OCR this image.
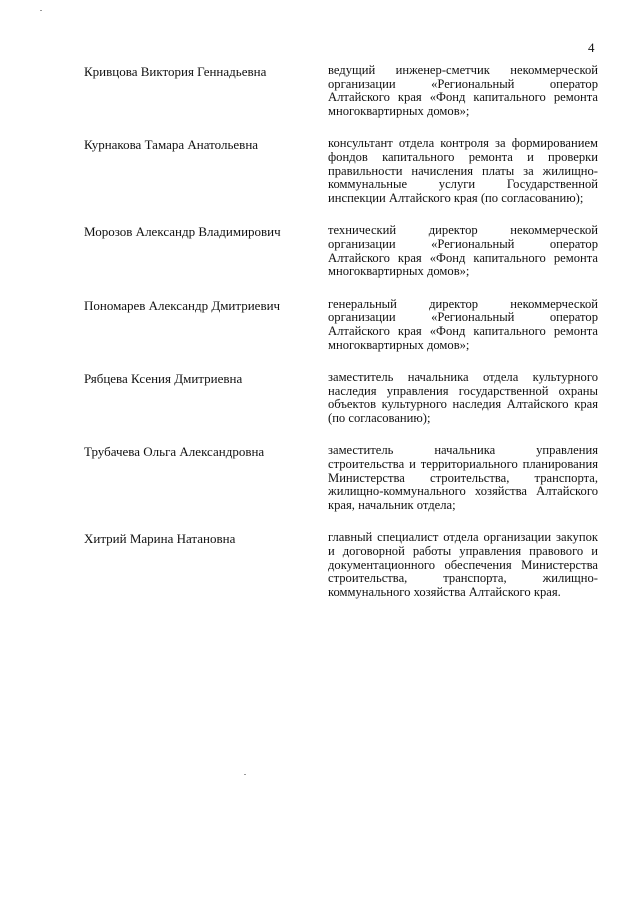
4
Кривцова Виктория Геннадьевна	ведущий инженер-сметчик некоммерческой организации «Региональный оператор Алтайского края «Фонд капитального ремонта многоквартирных домов»;
Курнакова Тамара Анатольевна	консультант отдела контроля за формированием фондов капитального ремонта и проверки правильности начисления платы за жилищно-коммунальные услуги Государственной инспекции Алтайского края (по согласованию);
Морозов Александр Владимирович	технический директор некоммерческой организации «Региональный оператор Алтайского края «Фонд капитального ремонта многоквартирных домов»;
Пономарев Александр Дмитриевич	генеральный директор некоммерческой организации «Региональный оператор Алтайского края «Фонд капитального ремонта многоквартирных домов»;
Рябцева Ксения Дмитриевна	заместитель начальника отдела культурного наследия управления государственной охраны объектов культурного наследия Алтайского края (по согласованию);
Трубачева Ольга Александровна	заместитель начальника управления строительства и территориального планирования Министерства строительства, транспорта, жилищно-коммунального хозяйства Алтайского края, начальник отдела;
Хитрий Марина Натановна	главный специалист отдела организации закупок и договорной работы управления правового и документационного обеспечения Министерства строительства, транспорта, жилищно-коммунального хозяйства Алтайского края.
